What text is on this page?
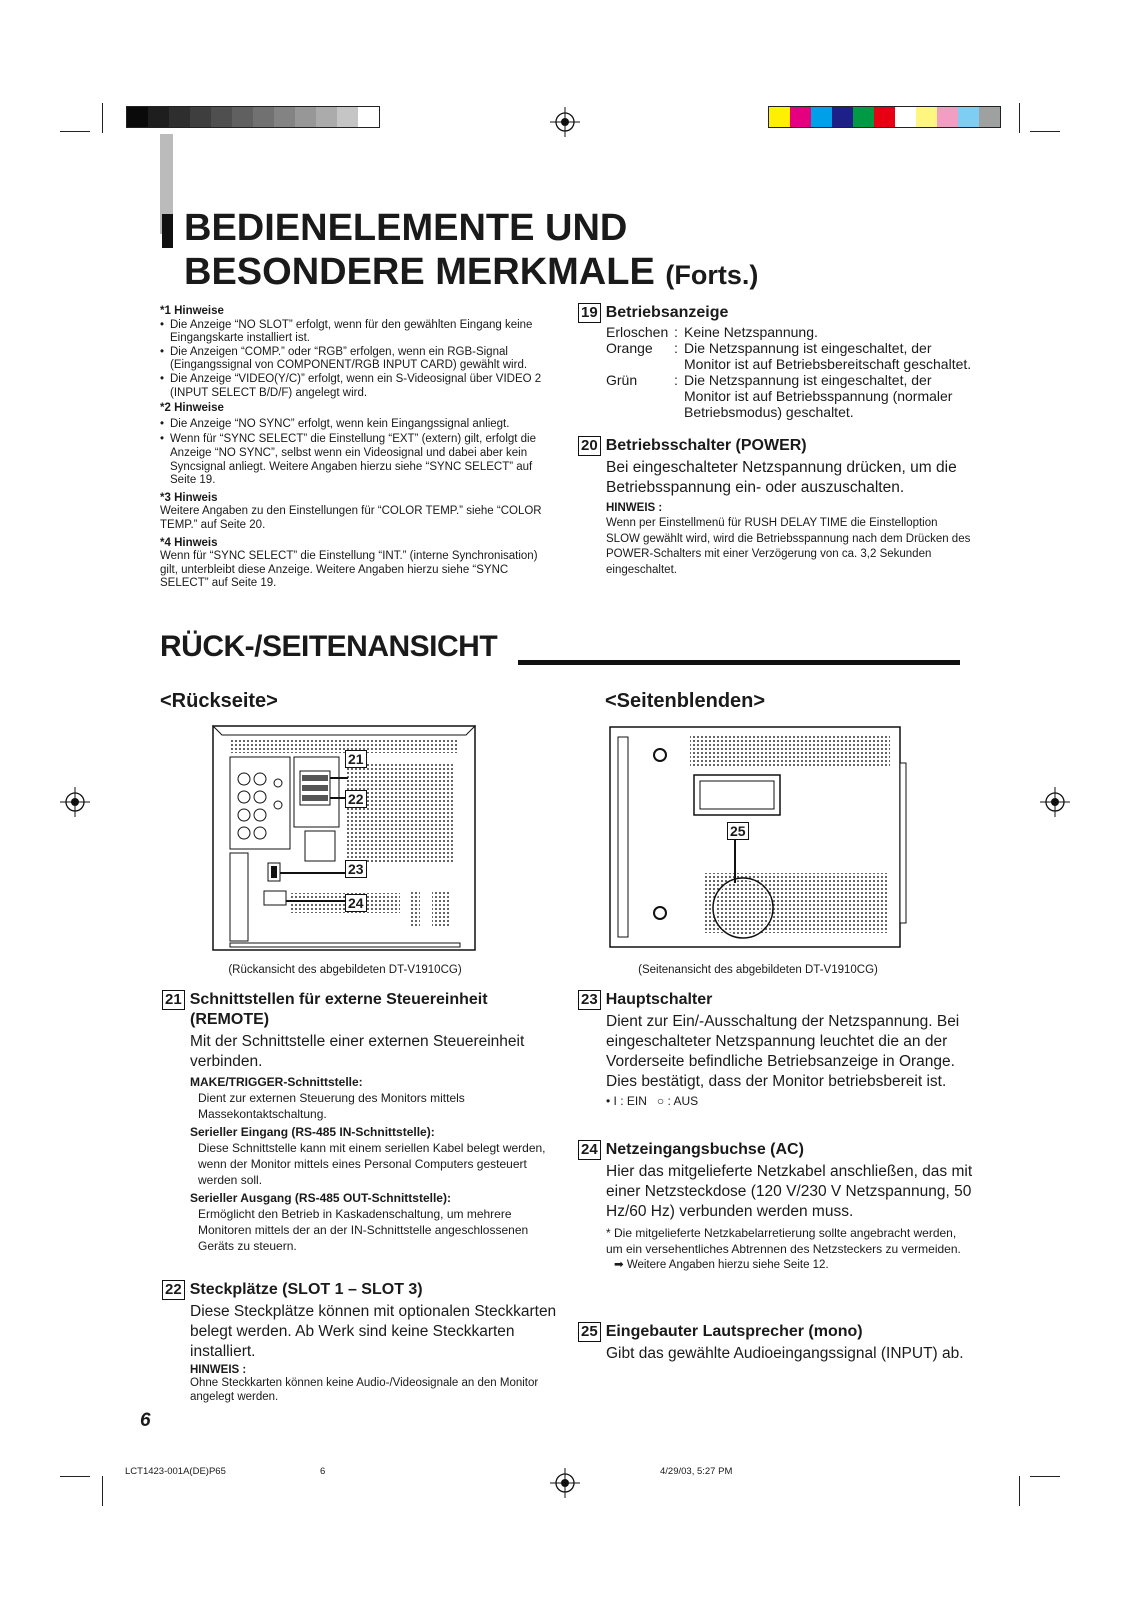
BEDIENELEMENTE UND
BESONDERE MERKMALE (Forts.)
*1 Hinweise
• Die Anzeige “NO SLOT” erfolgt, wenn für den gewählten Eingang keine Eingangskarte installiert ist.
• Die Anzeigen “COMP.” oder “RGB” erfolgen, wenn ein RGB-Signal (Eingangssignal von COMPONENT/RGB INPUT CARD) gewählt wird.
• Die Anzeige “VIDEO(Y/C)” erfolgt, wenn ein S-Videosignal über VIDEO 2 (INPUT SELECT B/D/F) angelegt wird.
*2 Hinweise
• Die Anzeige “NO SYNC” erfolgt, wenn kein Eingangssignal anliegt.
• Wenn für “SYNC SELECT” die Einstellung “EXT” (extern) gilt, erfolgt die Anzeige “NO SYNC”, selbst wenn ein Videosignal und dabei aber kein Syncsignal anliegt. Weitere Angaben hierzu siehe “SYNC SELECT” auf Seite 19.
*3 Hinweis
Weitere Angaben zu den Einstellungen für “COLOR TEMP.” siehe “COLOR TEMP.” auf Seite 20.
*4 Hinweis
Wenn für “SYNC SELECT” die Einstellung “INT.” (interne Synchronisation) gilt, unterbleibt diese Anzeige. Weitere Angaben hierzu siehe “SYNC SELECT” auf Seite 19.
19 Betriebsanzeige
Erloschen : Keine Netzspannung.
Orange	: Die Netzspannung ist eingeschaltet, der Monitor ist auf Betriebsbereitschaft geschaltet.
Grün	: Die Netzspannung ist eingeschaltet, der Monitor ist auf Betriebsspannung (normaler Betriebsmodus) geschaltet.
20 Betriebsschalter (POWER)
Bei eingeschalteter Netzspannung drücken, um die Betriebsspannung ein- oder auszuschalten.
HINWEIS :
Wenn per Einstellmenü für RUSH DELAY TIME die Einstelloption SLOW gewählt wird, wird die Betriebsspannung nach dem Drücken des POWER-Schalters mit einer Verzögerung von ca. 3,2 Sekunden eingeschaltet.
RÜCK-/SEITENANSICHT
<Rückseite>	<Seitenblenden>
21
22
23
24
(Rückansicht des abgebildeten DT-V1910CG)
25
(Seitenansicht des abgebildeten DT-V1910CG)
21 Schnittstellen für externe Steuereinheit
(REMOTE)
Mit der Schnittstelle einer externen Steuereinheit verbinden.
MAKE/TRIGGER-Schnittstelle:
Dient zur externen Steuerung des Monitors mittels Massekontaktschaltung.
Serieller Eingang (RS-485 IN-Schnittstelle):
Diese Schnittstelle kann mit einem seriellen Kabel belegt werden, wenn der Monitor mittels eines Personal Computers gesteuert werden soll.
Serieller Ausgang (RS-485 OUT-Schnittstelle):
Ermöglicht den Betrieb in Kaskadenschaltung, um mehrere Monitoren mittels der an der IN-Schnittstelle angeschlossenen Geräts zu steuern.
22 Steckplätze (SLOT 1 – SLOT 3)
Diese Steckplätze können mit optionalen Steckkarten belegt werden. Ab Werk sind keine Steckkarten installiert.
HINWEIS :
Ohne Steckkarten können keine Audio-/Videosignale an den Monitor angelegt werden.
23 Hauptschalter
Dient zur Ein/-Ausschaltung der Netzspannung. Bei eingeschalteter Netzspannung leuchtet die an der Vorderseite befindliche Betriebsanzeige in Orange. Dies bestätigt, dass der Monitor betriebsbereit ist.
• I : EIN   ○ : AUS
24 Netzeingangsbuchse (AC)
Hier das mitgelieferte Netzkabel anschließen, das mit einer Netzsteckdose (120 V/230 V Netzspannung, 50 Hz/60 Hz) verbunden werden muss.
* Die mitgelieferte Netzkabelarretierung sollte angebracht werden, um ein versehentliches Abtrennen des Netzsteckers zu vermeiden.
➡ Weitere Angaben hierzu siehe Seite 12.
25 Eingebauter Lautsprecher (mono)
Gibt das gewählte Audioeingangssignal (INPUT) ab.
6
LCT1423-001A(DE)P65	6	4/29/03, 5:27 PM
